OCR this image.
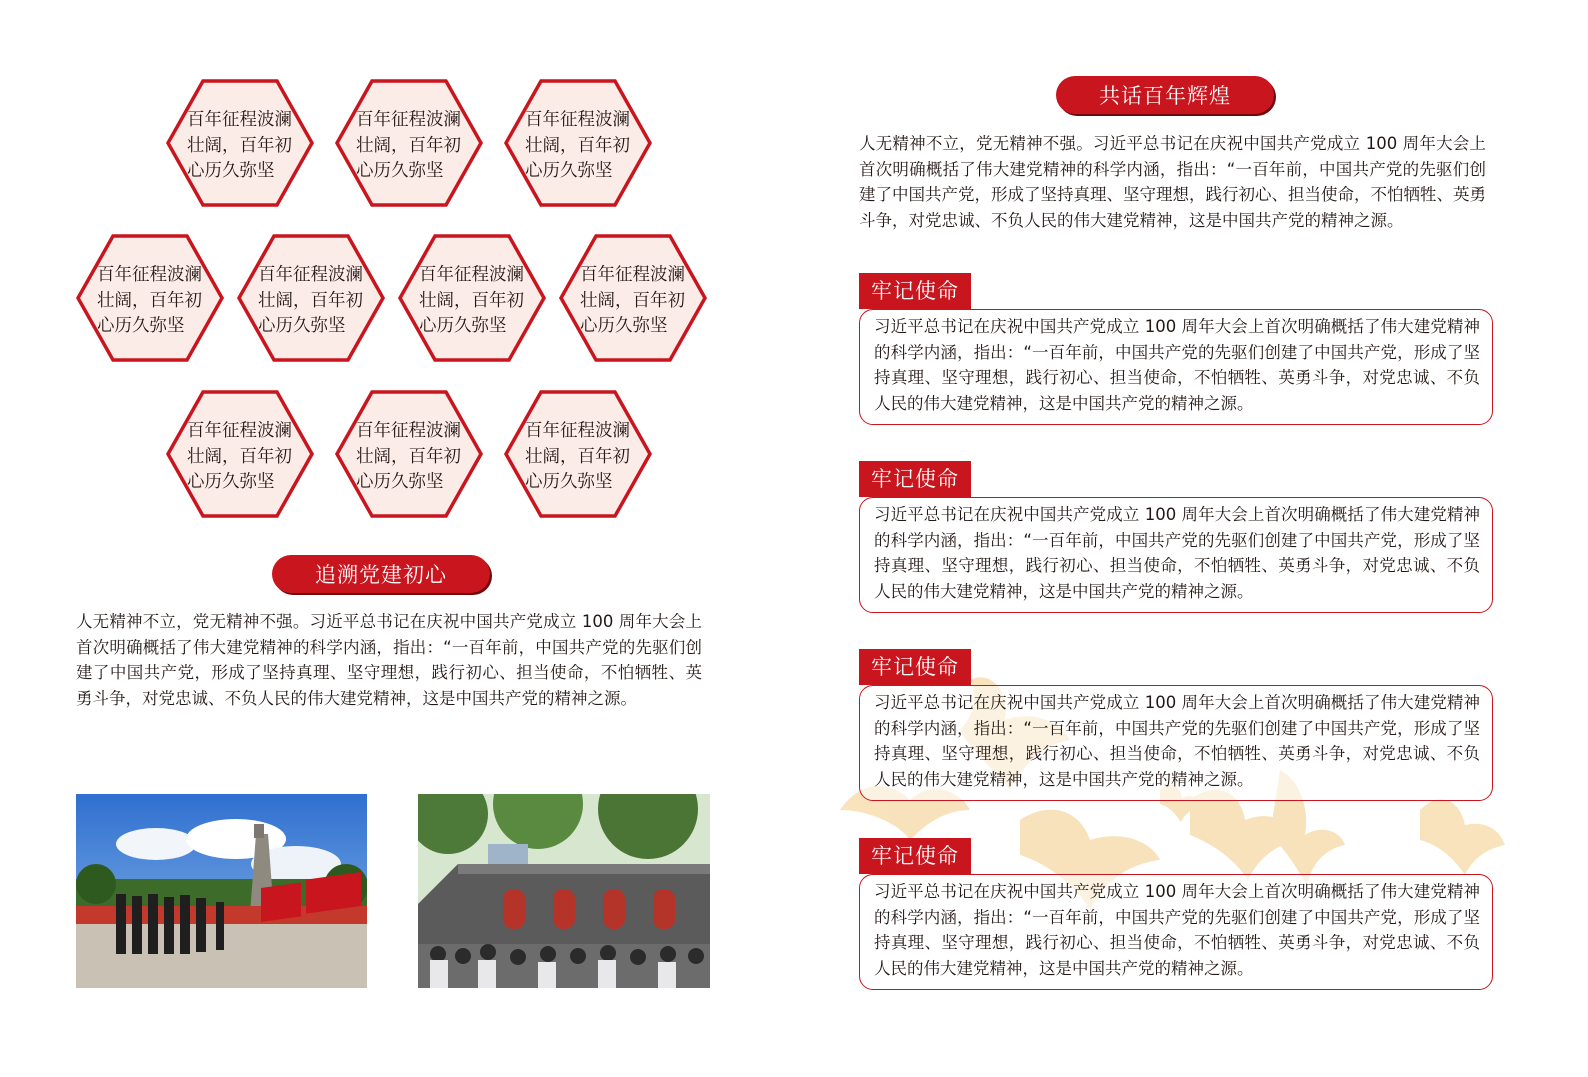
百年征程波澜壮阔，百年初心历久弥坚
百年征程波澜壮阔，百年初心历久弥坚
百年征程波澜壮阔，百年初心历久弥坚
百年征程波澜壮阔，百年初心历久弥坚
百年征程波澜壮阔，百年初心历久弥坚
百年征程波澜壮阔，百年初心历久弥坚
百年征程波澜壮阔，百年初心历久弥坚
百年征程波澜壮阔，百年初心历久弥坚
百年征程波澜壮阔，百年初心历久弥坚
百年征程波澜壮阔，百年初心历久弥坚
追溯党建初心
人无精神不立，党无精神不强。习近平总书记在庆祝中国共产党成立 100 周年大会上首次明确概括了伟大建党精神的科学内涵，指出：“一百年前，中国共产党的先驱们创建了中国共产党，形成了坚持真理、坚守理想，践行初心、担当使命，不怕牺牲、英勇斗争，对党忠诚、不负人民的伟大建党精神，这是中国共产党的精神之源。
共话百年辉煌
人无精神不立，党无精神不强。习近平总书记在庆祝中国共产党成立 100 周年大会上首次明确概括了伟大建党精神的科学内涵，指出：“一百年前，中国共产党的先驱们创建了中国共产党，形成了坚持真理、坚守理想，践行初心、担当使命，不怕牺牲、英勇斗争，对党忠诚、不负人民的伟大建党精神，这是中国共产党的精神之源。
牢记使命

习近平总书记在庆祝中国共产党成立 100 周年大会上首次明确概括了伟大建党精神的科学内涵，指出：“一百年前，中国共产党的先驱们创建了中国共产党，形成了坚持真理、坚守理想，践行初心、担当使命，不怕牺牲、英勇斗争，对党忠诚、不负人民的伟大建党精神，这是中国共产党的精神之源。

牢记使命

习近平总书记在庆祝中国共产党成立 100 周年大会上首次明确概括了伟大建党精神的科学内涵，指出：“一百年前，中国共产党的先驱们创建了中国共产党，形成了坚持真理、坚守理想，践行初心、担当使命，不怕牺牲、英勇斗争，对党忠诚、不负人民的伟大建党精神，这是中国共产党的精神之源。

牢记使命

习近平总书记在庆祝中国共产党成立 100 周年大会上首次明确概括了伟大建党精神的科学内涵，指出：“一百年前，中国共产党的先驱们创建了中国共产党，形成了坚持真理、坚守理想，践行初心、担当使命，不怕牺牲、英勇斗争，对党忠诚、不负人民的伟大建党精神，这是中国共产党的精神之源。

牢记使命

习近平总书记在庆祝中国共产党成立 100 周年大会上首次明确概括了伟大建党精神的科学内涵，指出：“一百年前，中国共产党的先驱们创建了中国共产党，形成了坚持真理、坚守理想，践行初心、担当使命，不怕牺牲、英勇斗争，对党忠诚、不负人民的伟大建党精神，这是中国共产党的精神之源。
